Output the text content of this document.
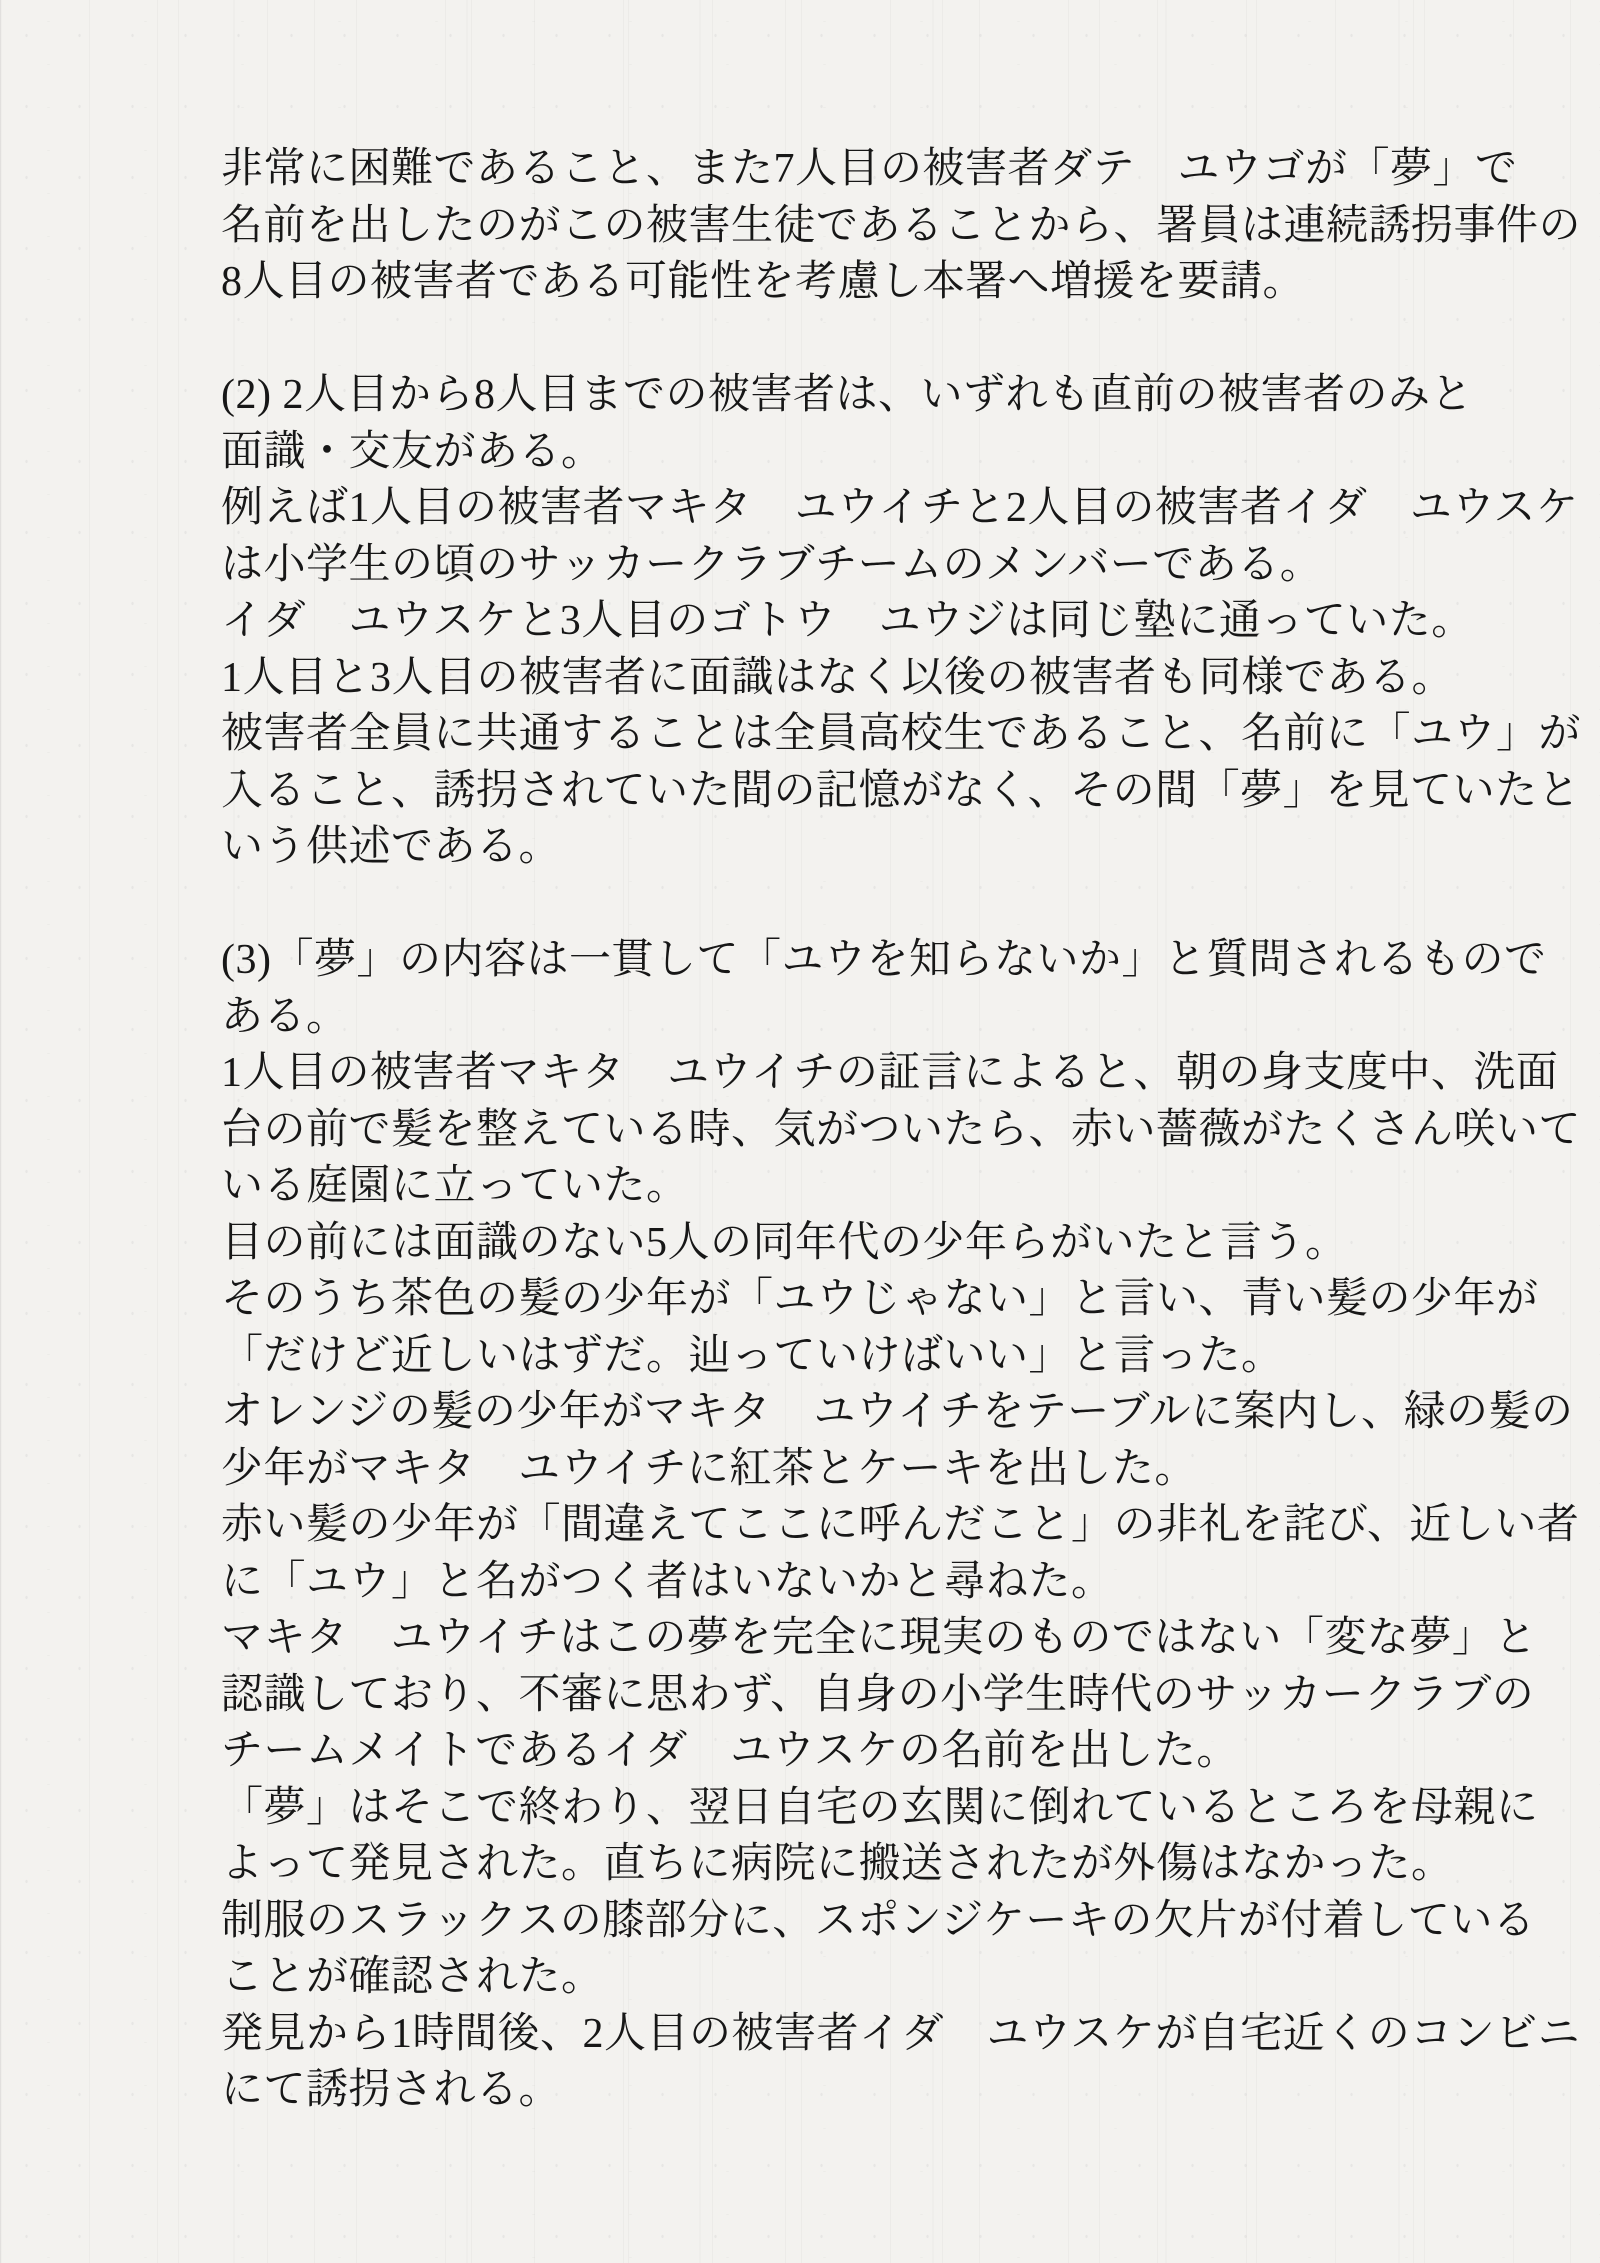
非常に困難であること、また7人目の被害者ダテ　ユウゴが「夢」で
名前を出したのがこの被害生徒であることから、署員は連続誘拐事件の
8人目の被害者である可能性を考慮し本署へ増援を要請。

(2) 2人目から8人目までの被害者は、いずれも直前の被害者のみと
面識・交友がある。
例えば1人目の被害者マキタ　ユウイチと2人目の被害者イダ　ユウスケ
は小学生の頃のサッカークラブチームのメンバーである。
イダ　ユウスケと3人目のゴトウ　ユウジは同じ塾に通っていた。
1人目と3人目の被害者に面識はなく以後の被害者も同様である。
被害者全員に共通することは全員高校生であること、名前に「ユウ」が
入ること、誘拐されていた間の記憶がなく、その間「夢」を見ていたと
いう供述である。

(3)「夢」の内容は一貫して「ユウを知らないか」と質問されるもので
ある。
1人目の被害者マキタ　ユウイチの証言によると、朝の身支度中、洗面
台の前で髪を整えている時、気がついたら、赤い薔薇がたくさん咲いて
いる庭園に立っていた。
目の前には面識のない5人の同年代の少年らがいたと言う。
そのうち茶色の髪の少年が「ユウじゃない」と言い、青い髪の少年が
「だけど近しいはずだ。辿っていけばいい」と言った。
オレンジの髪の少年がマキタ　ユウイチをテーブルに案内し、緑の髪の
少年がマキタ　ユウイチに紅茶とケーキを出した。
赤い髪の少年が「間違えてここに呼んだこと」の非礼を詫び、近しい者
に「ユウ」と名がつく者はいないかと尋ねた。
マキタ　ユウイチはこの夢を完全に現実のものではない「変な夢」と
認識しており、不審に思わず、自身の小学生時代のサッカークラブの
チームメイトであるイダ　ユウスケの名前を出した。
「夢」はそこで終わり、翌日自宅の玄関に倒れているところを母親に
よって発見された。直ちに病院に搬送されたが外傷はなかった。
制服のスラックスの膝部分に、スポンジケーキの欠片が付着している
ことが確認された。
発見から1時間後、2人目の被害者イダ　ユウスケが自宅近くのコンビニ
にて誘拐される。
